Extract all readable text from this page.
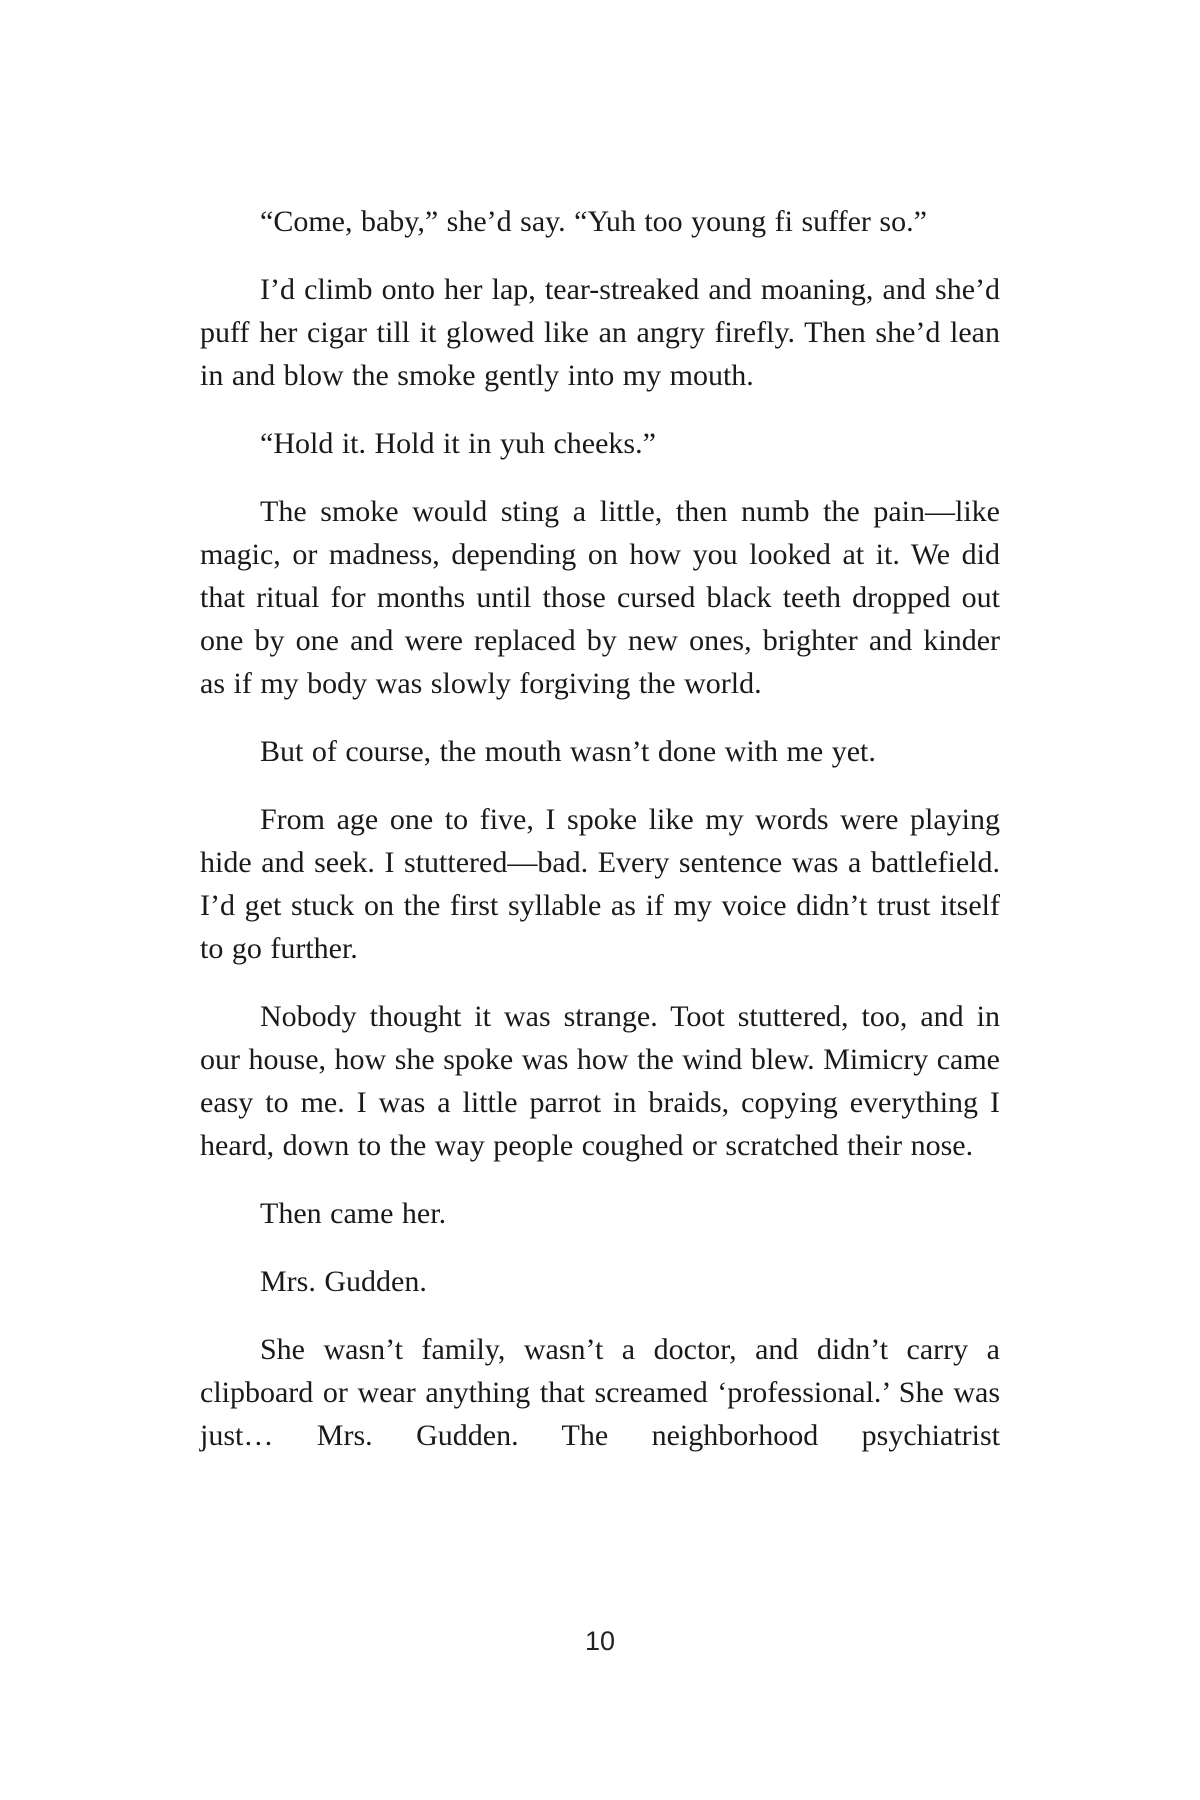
“Come, baby,” she’d say. “Yuh too young fi suffer so.”

I’d climb onto her lap, tear-streaked and moaning, and she’d puff her cigar till it glowed like an angry firefly. Then she’d lean in and blow the smoke gently into my mouth.

“Hold it. Hold it in yuh cheeks.”

The smoke would sting a little, then numb the pain—like magic, or madness, depending on how you looked at it. We did that ritual for months until those cursed black teeth dropped out one by one and were replaced by new ones, brighter and kinder as if my body was slowly forgiving the world.

But of course, the mouth wasn’t done with me yet.

From age one to five, I spoke like my words were playing hide and seek. I stuttered—bad. Every sentence was a battlefield. I’d get stuck on the first syllable as if my voice didn’t trust itself to go further.

Nobody thought it was strange. Toot stuttered, too, and in our house, how she spoke was how the wind blew. Mimicry came easy to me. I was a little parrot in braids, copying everything I heard, down to the way people coughed or scratched their nose.

Then came her.

Mrs. Gudden.

She wasn’t family, wasn’t a doctor, and didn’t carry a clipboard or wear anything that screamed ‘professional.’ She was just… Mrs. Gudden. The neighborhood psychiatrist

10
